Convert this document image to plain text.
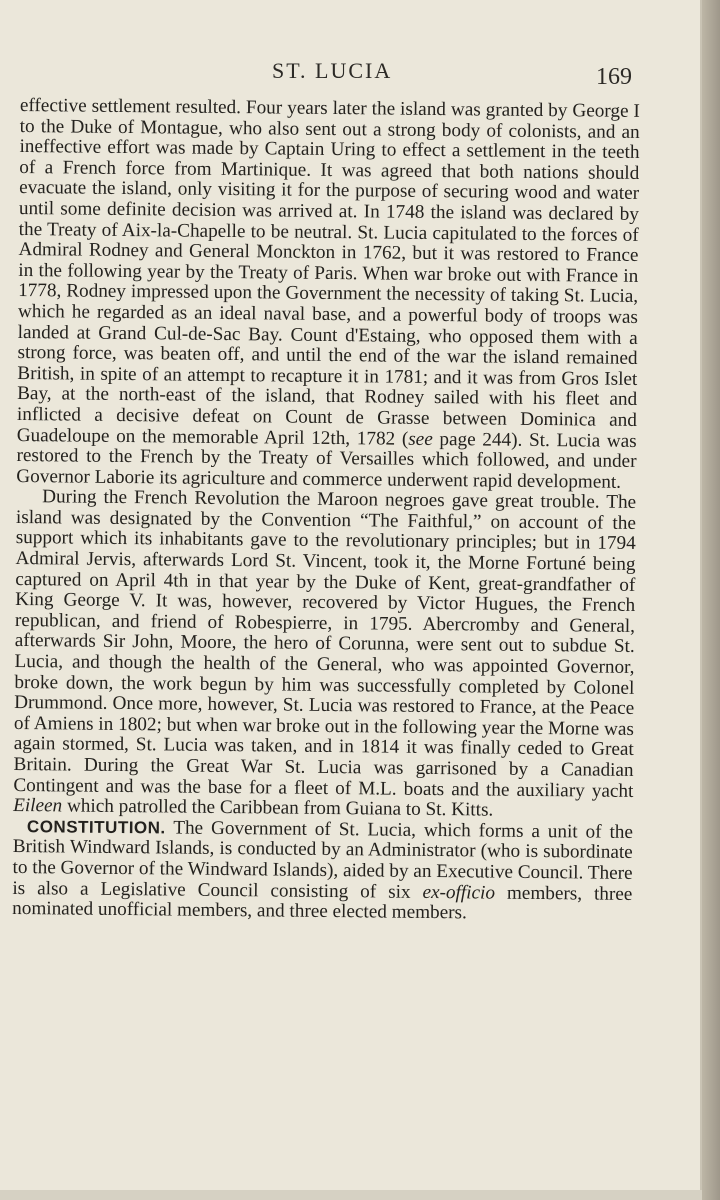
ST. LUCIA	169

effective settlement resulted. Four years later the island was granted by George I to the Duke of Montague, who also sent out a strong body of colonists, and an ineffective effort was made by Captain Uring to effect a settlement in the teeth of a French force from Martinique. It was agreed that both nations should evacuate the island, only visiting it for the purpose of securing wood and water until some definite decision was arrived at. In 1748 the island was declared by the Treaty of Aix-la-Chapelle to be neutral. St. Lucia capitulated to the forces of Admiral Rodney and General Monckton in 1762, but it was restored to France in the following year by the Treaty of Paris. When war broke out with France in 1778, Rodney impressed upon the Government the necessity of taking St. Lucia, which he regarded as an ideal naval base, and a powerful body of troops was landed at Grand Cul-de-Sac Bay. Count d'Estaing, who opposed them with a strong force, was beaten off, and until the end of the war the island remained British, in spite of an attempt to recapture it in 1781; and it was from Gros Islet Bay, at the north-east of the island, that Rodney sailed with his fleet and inflicted a decisive defeat on Count de Grasse between Dominica and Guadeloupe on the memorable April 12th, 1782 (see page 244). St. Lucia was restored to the French by the Treaty of Versailles which followed, and under Governor Laborie its agriculture and commerce underwent rapid development.

During the French Revolution the Maroon negroes gave great trouble. The island was designated by the Convention “The Faithful,” on account of the support which its inhabitants gave to the revolutionary principles; but in 1794 Admiral Jervis, afterwards Lord St. Vincent, took it, the Morne Fortuné being captured on April 4th in that year by the Duke of Kent, great-grandfather of King George V. It was, however, recovered by Victor Hugues, the French republican, and friend of Robespierre, in 1795. Abercromby and General, afterwards Sir John, Moore, the hero of Corunna, were sent out to subdue St. Lucia, and though the health of the General, who was appointed Governor, broke down, the work begun by him was successfully completed by Colonel Drummond. Once more, however, St. Lucia was restored to France, at the Peace of Amiens in 1802; but when war broke out in the following year the Morne was again stormed, St. Lucia was taken, and in 1814 it was finally ceded to Great Britain. During the Great War St. Lucia was garrisoned by a Canadian Contingent and was the base for a fleet of M.L. boats and the auxiliary yacht Eileen which patrolled the Caribbean from Guiana to St. Kitts.

CONSTITUTION. The Government of St. Lucia, which forms a unit of the British Windward Islands, is conducted by an Administrator (who is subordinate to the Governor of the Windward Islands), aided by an Executive Council. There is also a Legislative Council consisting of six ex-officio members, three nominated unofficial members, and three elected members.
